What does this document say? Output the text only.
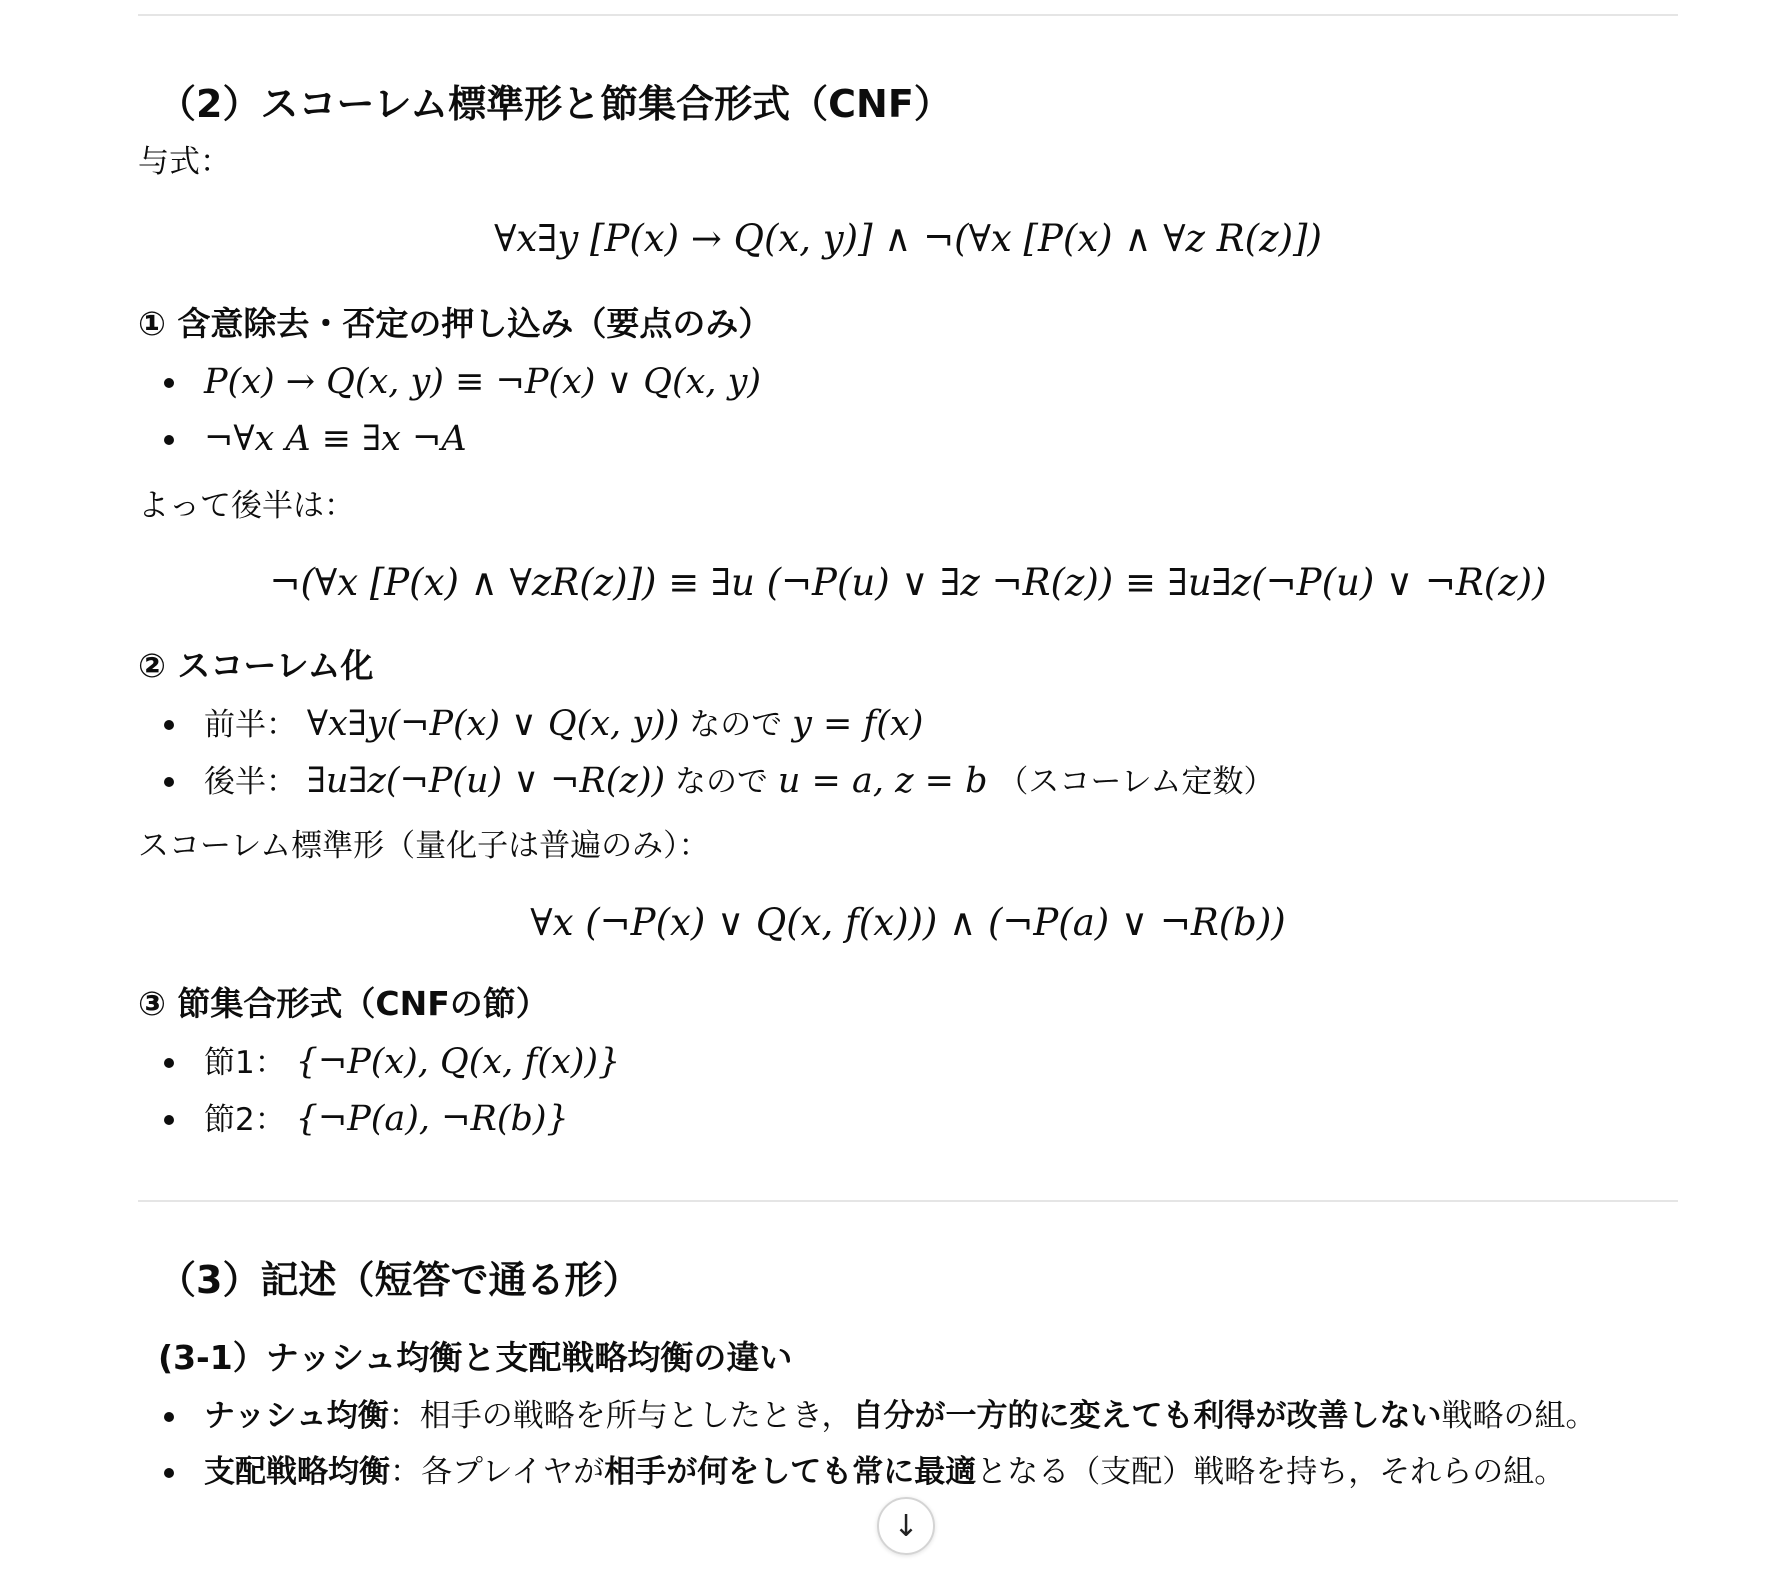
（2）スコーレム標準形と節集合形式（CNF）

与式：

∀x∃y [P(x) → Q(x, y)] ∧ ¬(∀x [P(x) ∧ ∀z R(z)])
① 含意除去・否定の押し込み（要点のみ）
P(x) → Q(x, y) ≡ ¬P(x) ∨ Q(x, y)
¬∀x A ≡ ∃x ¬A

よって後半は：

¬(∀x [P(x) ∧ ∀zR(z)]) ≡ ∃u (¬P(u) ∨ ∃z ¬R(z)) ≡ ∃u∃z(¬P(u) ∨ ¬R(z))
② スコーレム化
前半： ∀x∃y(¬P(x) ∨ Q(x, y)) なので y = f(x)
後半： ∃u∃z(¬P(u) ∨ ¬R(z)) なので u = a, z = b （スコーレム定数）

スコーレム標準形（量化子は普遍のみ）：

∀x (¬P(x) ∨ Q(x, f(x))) ∧ (¬P(a) ∨ ¬R(b))
③ 節集合形式（CNFの節）
節1： {¬P(x), Q(x, f(x))}
節2： {¬P(a), ¬R(b)}
（3）記述（短答で通る形）
(3-1）ナッシュ均衡と支配戦略均衡の違い
ナッシュ均衡：相手の戦略を所与としたとき，自分が一方的に変えても利得が改善しない戦略の組。
支配戦略均衡：各プレイヤが相手が何をしても常に最適となる（支配）戦略を持ち，それらの組。
↓
